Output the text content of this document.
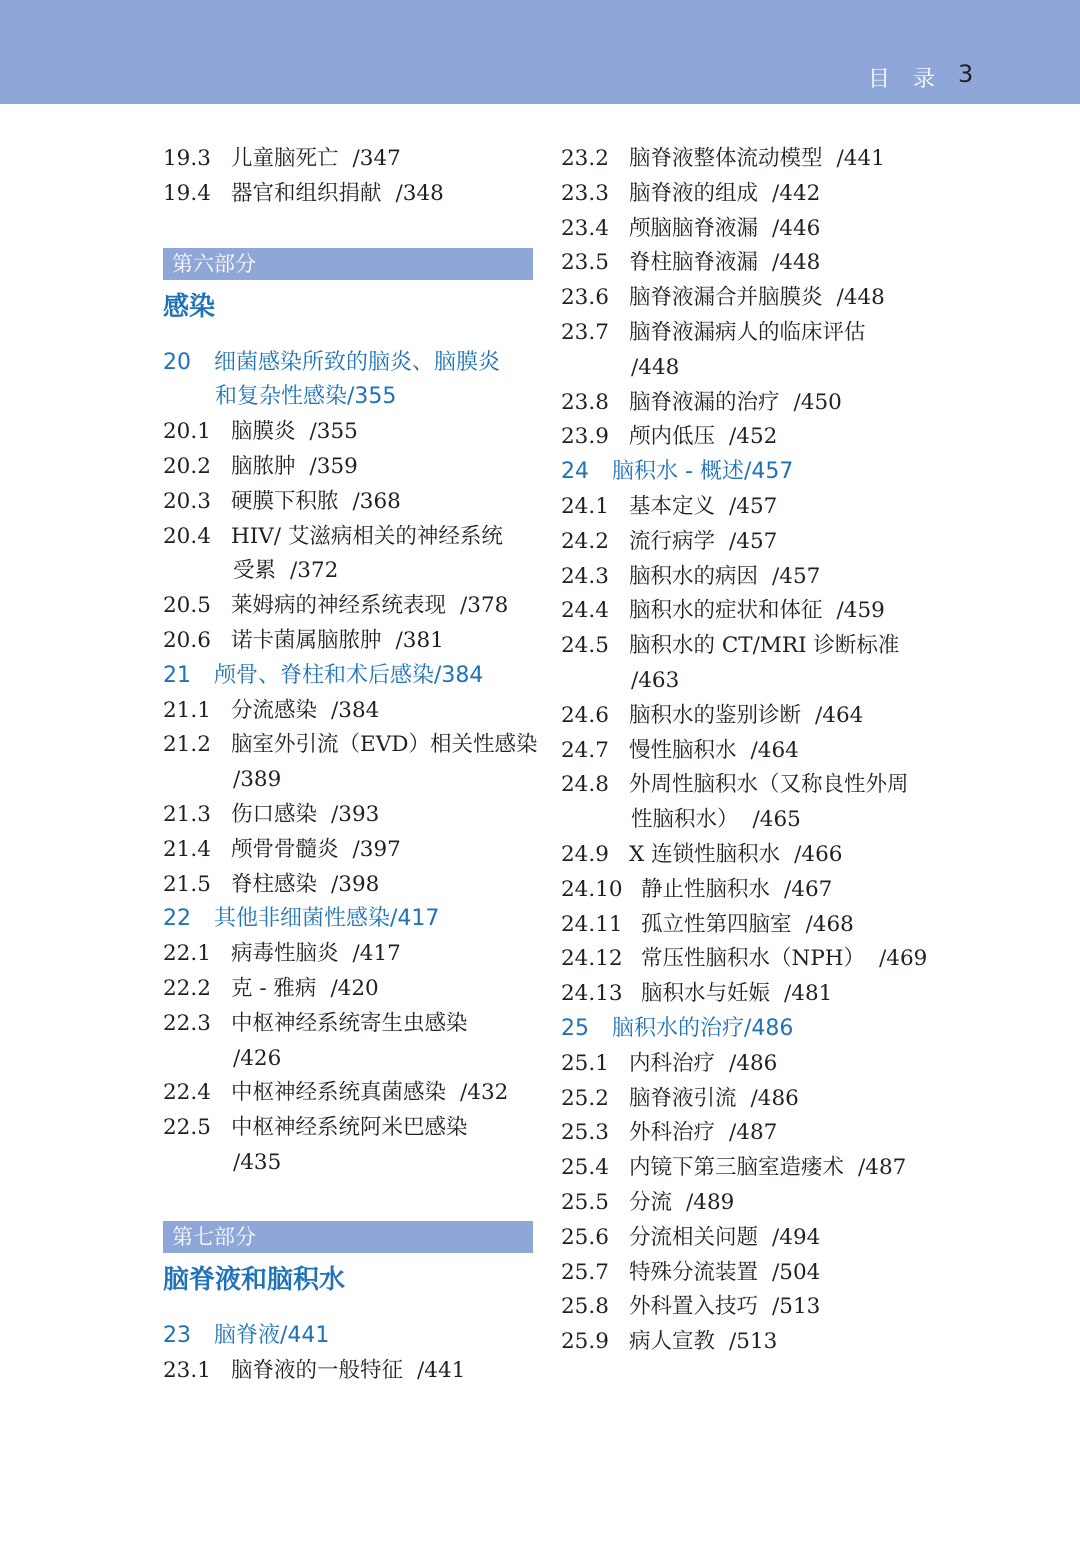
目 录 3
19.3 儿童脑死亡 /347
19.4 器官和组织捐献 /348
第六部分
感染
20 细菌感染所致的脑炎、脑膜炎
和复杂性感染/355
20.1 脑膜炎 /355
20.2 脑脓肿 /359
20.3 硬膜下积脓 /368
20.4 HIV/ 艾滋病相关的神经系统
受累 /372
20.5 莱姆病的神经系统表现 /378
20.6 诺卡菌属脑脓肿 /381
21 颅骨、脊柱和术后感染/384
21.1 分流感染 /384
21.2 脑室外引流（EVD）相关性感染
/389
21.3 伤口感染 /393
21.4 颅骨骨髓炎 /397
21.5 脊柱感染 /398
22 其他非细菌性感染/417
22.1 病毒性脑炎 /417
22.2 克 - 雅病 /420
22.3 中枢神经系统寄生虫感染
/426
22.4 中枢神经系统真菌感染 /432
22.5 中枢神经系统阿米巴感染
/435
第七部分
脑脊液和脑积水
23 脑脊液/441
23.1 脑脊液的一般特征 /441
23.2 脑脊液整体流动模型 /441
23.3 脑脊液的组成 /442
23.4 颅脑脑脊液漏 /446
23.5 脊柱脑脊液漏 /448
23.6 脑脊液漏合并脑膜炎 /448
23.7 脑脊液漏病人的临床评估
/448
23.8 脑脊液漏的治疗 /450
23.9 颅内低压 /452
24 脑积水 - 概述/457
24.1 基本定义 /457
24.2 流行病学 /457
24.3 脑积水的病因 /457
24.4 脑积水的症状和体征 /459
24.5 脑积水的 CT/MRI 诊断标准
/463
24.6 脑积水的鉴别诊断 /464
24.7 慢性脑积水 /464
24.8 外周性脑积水（又称良性外周
性脑积水） /465
24.9 X 连锁性脑积水 /466
24.10 静止性脑积水 /467
24.11 孤立性第四脑室 /468
24.12 常压性脑积水（NPH） /469
24.13 脑积水与妊娠 /481
25 脑积水的治疗/486
25.1 内科治疗 /486
25.2 脑脊液引流 /486
25.3 外科治疗 /487
25.4 内镜下第三脑室造瘘术 /487
25.5 分流 /489
25.6 分流相关问题 /494
25.7 特殊分流装置 /504
25.8 外科置入技巧 /513
25.9 病人宣教 /513
